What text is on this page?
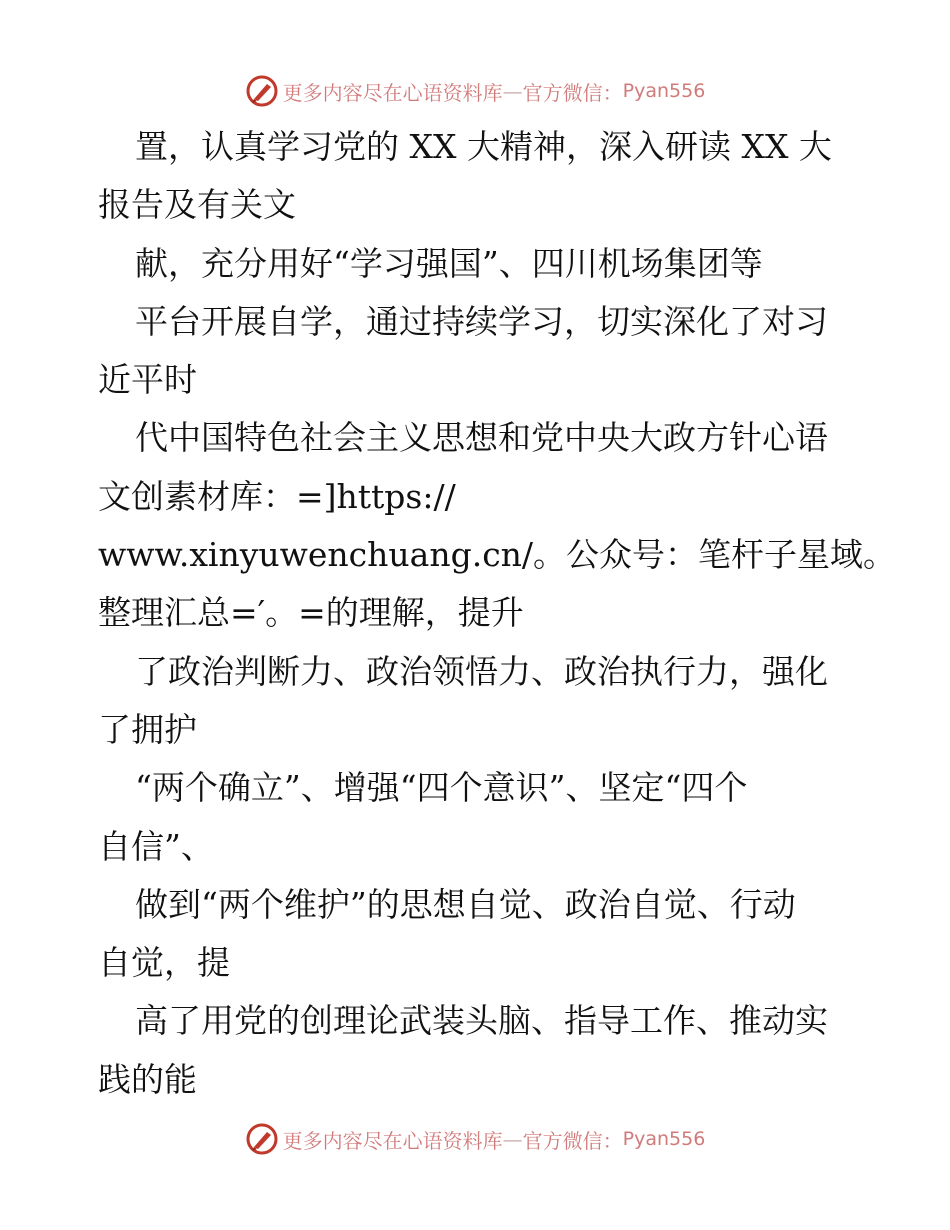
更多内容尽在心语资料库 — 官方微信： Pyan556
置，认真学习党的 XX 大精神，深入研读 XX 大
报告及有关文
献，充分用好“学习强国”、四川机场集团等
平台开展自学，通过持续学习，切实深化了对习
近平时
代中国特色社会主义思想和党中央大政方针心语
文创素材库：=]https://
www.xinyuwenchuang.cn/。公众号：笔杆子星域。
整理汇总=′。=的理解，提升
了政治判断力、政治领悟力、政治执行力，强化
了拥护
“两个确立”、增强“四个意识”、坚定“四个
自信”、
做到“两个维护”的思想自觉、政治自觉、行动
自觉，提
高了用党的创理论武装头脑、指导工作、推动实
践的能
更多内容尽在心语资料库 — 官方微信： Pyan556
